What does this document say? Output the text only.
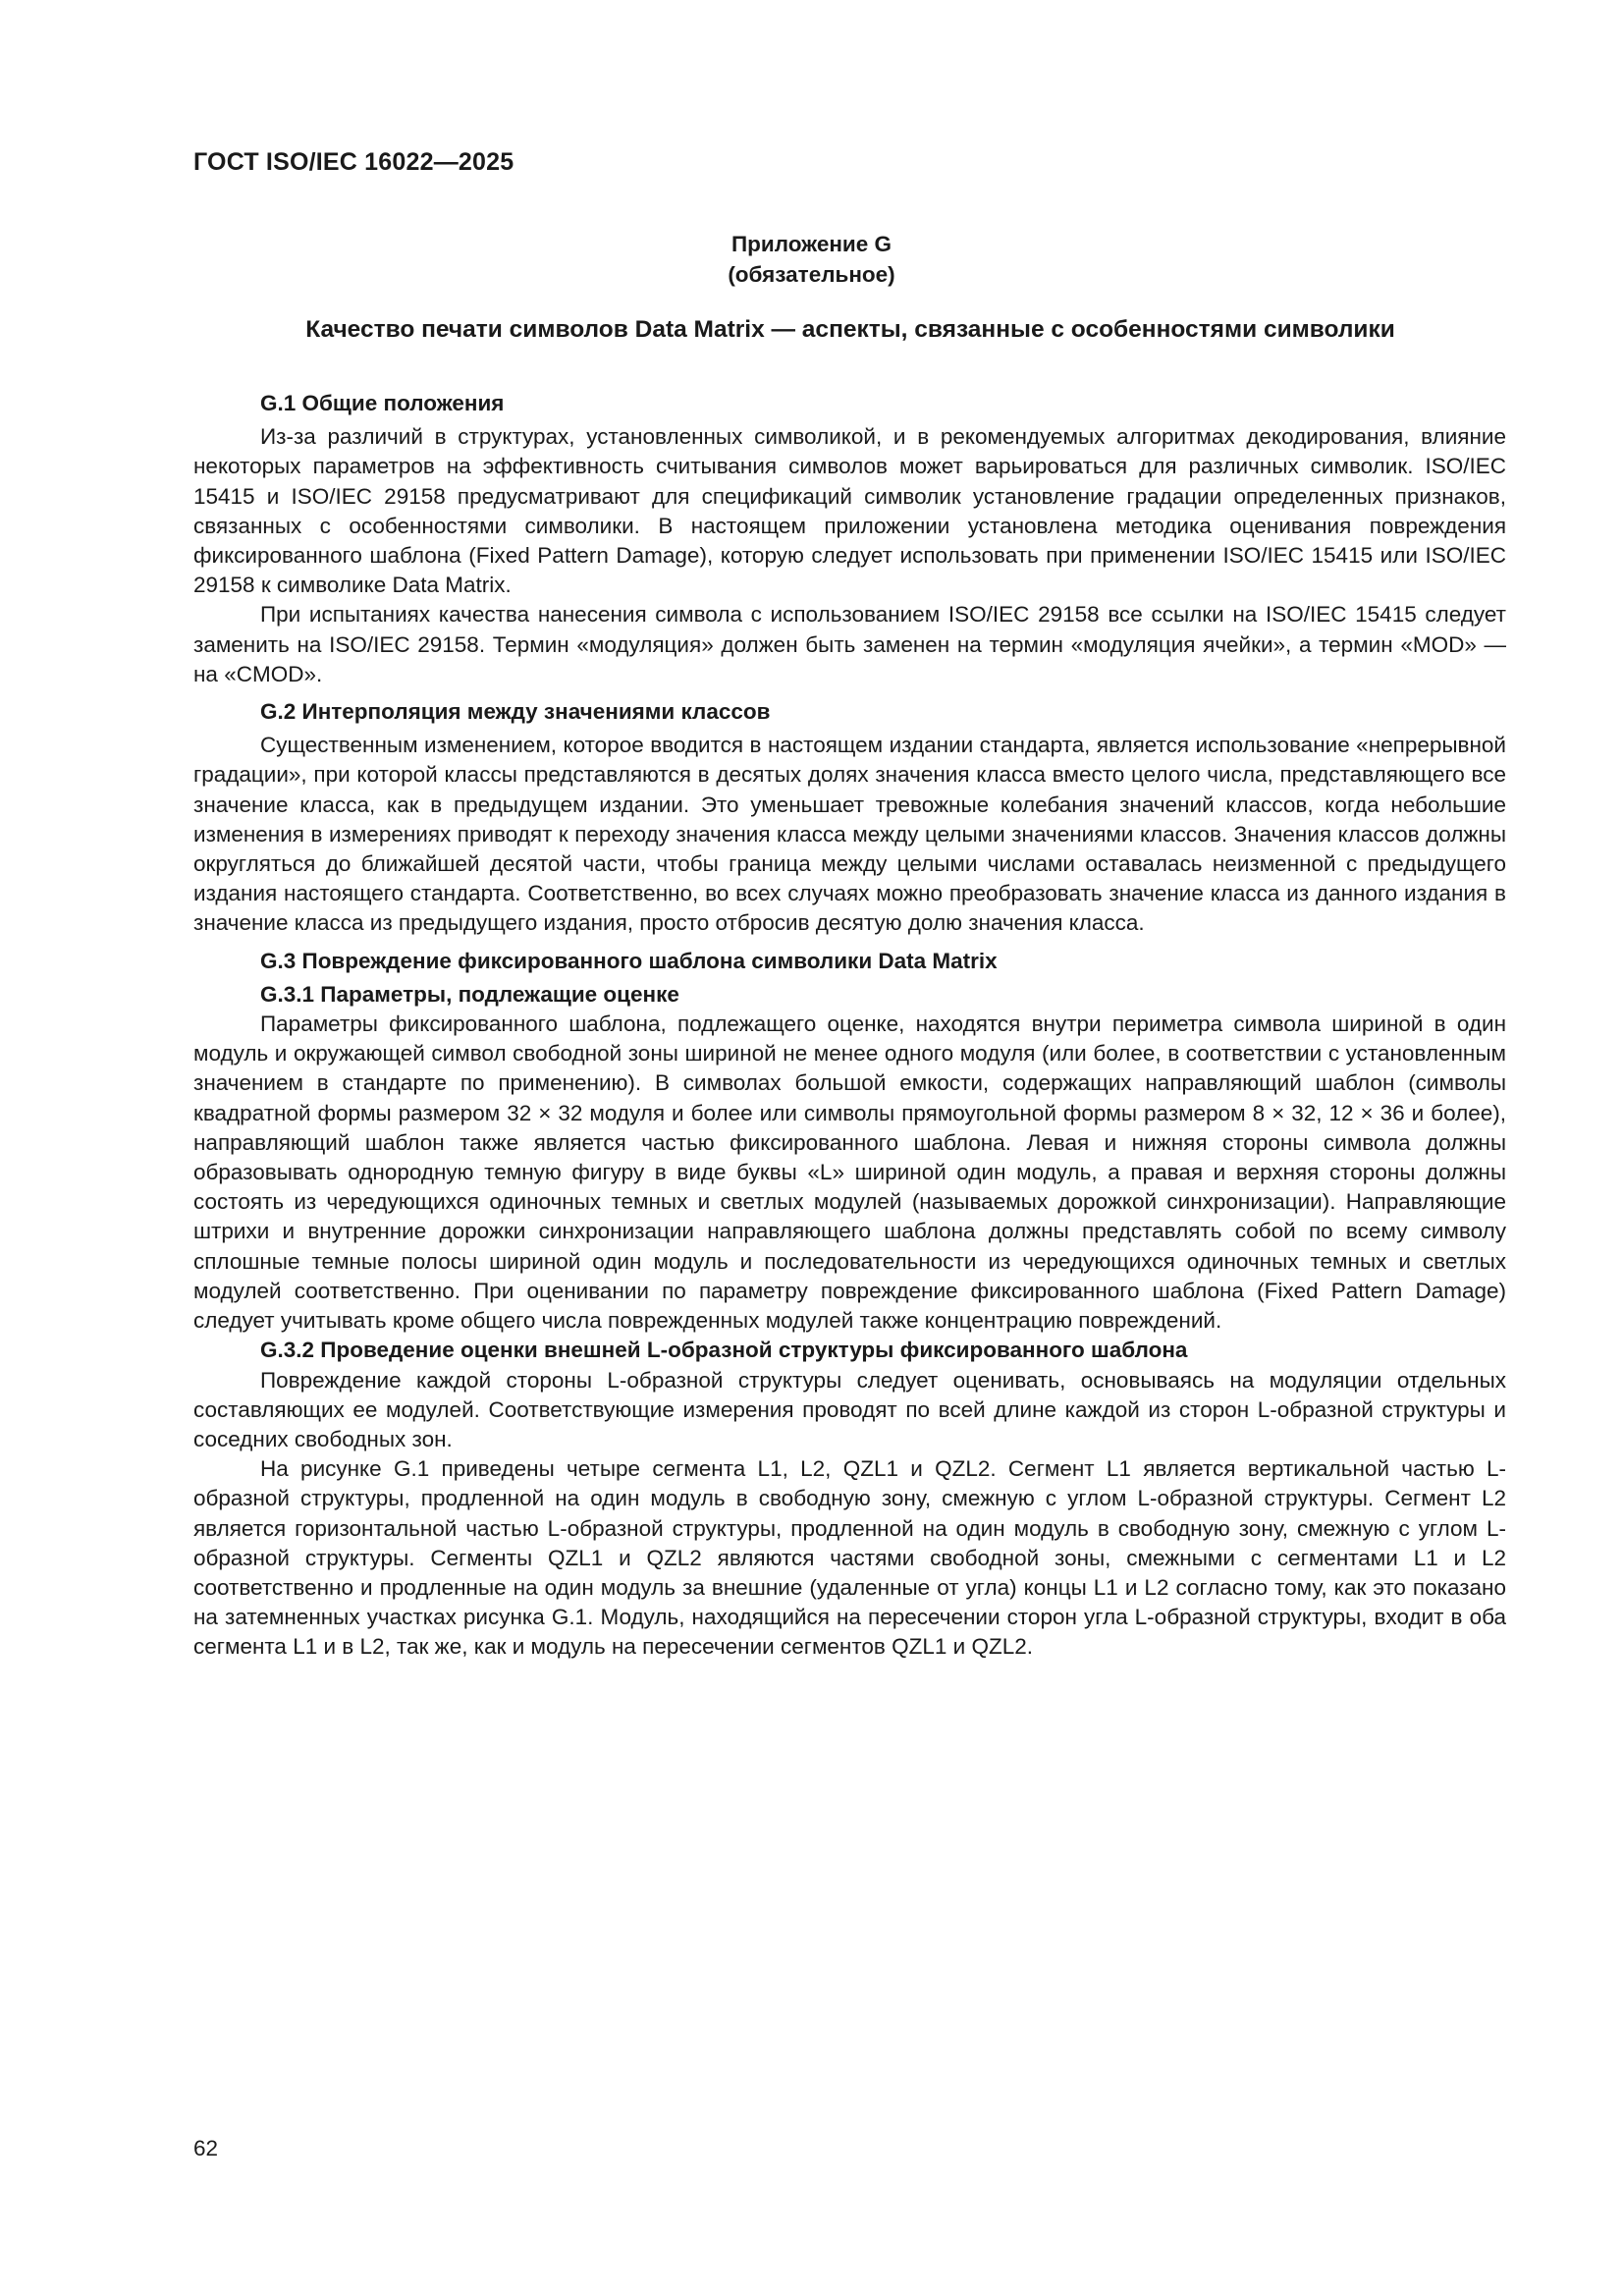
ГОСТ ISO/IEC 16022—2025
Приложение G
(обязательное)
Качество печати символов Data Matrix — аспекты, связанные с особенностями символики
G.1 Общие положения

Из-за различий в структурах, установленных символикой, и в рекомендуемых алгоритмах декодирования, влияние некоторых параметров на эффективность считывания символов может варьироваться для различных символик. ISO/IEC 15415 и ISO/IEC 29158 предусматривают для спецификаций символик установление градации определенных признаков, связанных с особенностями символики. В настоящем приложении установлена методика оценивания повреждения фиксированного шаблона (Fixed Pattern Damage), которую следует использовать при применении ISO/IEC 15415 или ISO/IEC 29158 к символике Data Matrix.

При испытаниях качества нанесения символа с использованием ISO/IEC 29158 все ссылки на ISO/IEC 15415 следует заменить на ISO/IEC 29158. Термин «модуляция» должен быть заменен на термин «модуляция ячейки», а термин «MOD» — на «CMOD».

G.2 Интерполяция между значениями классов

Существенным изменением, которое вводится в настоящем издании стандарта, является использование «непрерывной градации», при которой классы представляются в десятых долях значения класса вместо целого числа, представляющего все значение класса, как в предыдущем издании. Это уменьшает тревожные колебания значений классов, когда небольшие изменения в измерениях приводят к переходу значения класса между целыми значениями классов. Значения классов должны округляться до ближайшей десятой части, чтобы граница между целыми числами оставалась неизменной с предыдущего издания настоящего стандарта. Соответственно, во всех случаях можно преобразовать значение класса из данного издания в значение класса из предыдущего издания, просто отбросив десятую долю значения класса.

G.3 Повреждение фиксированного шаблона символики Data Matrix
G.3.1 Параметры, подлежащие оценке

Параметры фиксированного шаблона, подлежащего оценке, находятся внутри периметра символа шириной в один модуль и окружающей символ свободной зоны шириной не менее одного модуля (или более, в соответствии с установленным значением в стандарте по применению). В символах большой емкости, содержащих направляющий шаблон (символы квадратной формы размером 32 × 32 модуля и более или символы прямоугольной формы размером 8 × 32, 12 × 36 и более), направляющий шаблон также является частью фиксированного шаблона. Левая и нижняя стороны символа должны образовывать однородную темную фигуру в виде буквы «L» шириной один модуль, а правая и верхняя стороны должны состоять из чередующихся одиночных темных и светлых модулей (называемых дорожкой синхронизации). Направляющие штрихи и внутренние дорожки синхронизации направляющего шаблона должны представлять собой по всему символу сплошные темные полосы шириной один модуль и последовательности из чередующихся одиночных темных и светлых модулей соответственно. При оценивании по параметру повреждение фиксированного шаблона (Fixed Pattern Damage) следует учитывать кроме общего числа поврежденных модулей также концентрацию повреждений.

G.3.2 Проведение оценки внешней L-образной структуры фиксированного шаблона

Повреждение каждой стороны L-образной структуры следует оценивать, основываясь на модуляции отдельных составляющих ее модулей. Соответствующие измерения проводят по всей длине каждой из сторон L-образной структуры и соседних свободных зон.

На рисунке G.1 приведены четыре сегмента L1, L2, QZL1 и QZL2. Сегмент L1 является вертикальной частью L-образной структуры, продленной на один модуль в свободную зону, смежную с углом L-образной структуры. Сегмент L2 является горизонтальной частью L-образной структуры, продленной на один модуль в свободную зону, смежную с углом L-образной структуры. Сегменты QZL1 и QZL2 являются частями свободной зоны, смежными с сегментами L1 и L2 соответственно и продленные на один модуль за внешние (удаленные от угла) концы L1 и L2 согласно тому, как это показано на затемненных участках рисунка G.1. Модуль, находящийся на пересечении сторон угла L-образной структуры, входит в оба сегмента L1 и в L2, так же, как и модуль на пересечении сегментов QZL1 и QZL2.

62
